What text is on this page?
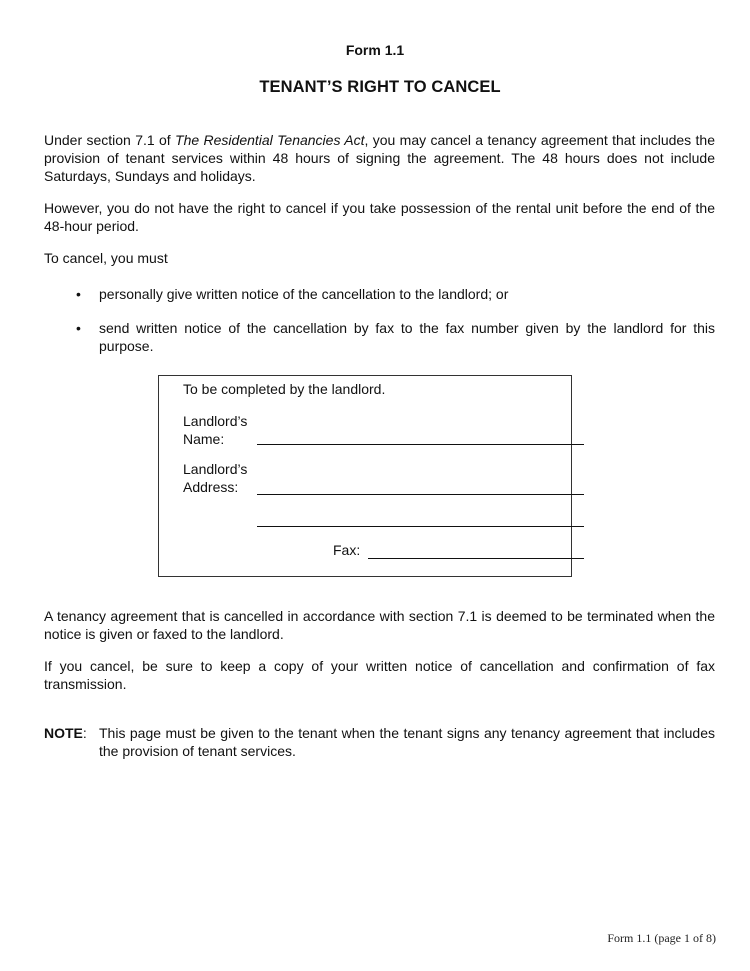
Form 1.1
TENANT’S RIGHT TO CANCEL

Under section 7.1 of The Residential Tenancies Act, you may cancel a tenancy agreement that includes the provision of tenant services within 48 hours of signing the agreement. The 48 hours does not include Saturdays, Sundays and holidays.

However, you do not have the right to cancel if you take possession of the rental unit before the end of the 48-hour period.

To cancel, you must

• personally give written notice of the cancellation to the landlord; or
• send written notice of the cancellation by fax to the fax number given by the landlord for this purpose.
To be completed by the landlord.
Landlord’s
Name:
Landlord’s
Address:
Fax:

A tenancy agreement that is cancelled in accordance with section 7.1 is deemed to be terminated when the notice is given or faxed to the landlord.

If you cancel, be sure to keep a copy of your written notice of cancellation and confirmation of fax transmission.

NOTE: This page must be given to the tenant when the tenant signs any tenancy agreement that includes the provision of tenant services.
Form 1.1 (page 1 of 8)
